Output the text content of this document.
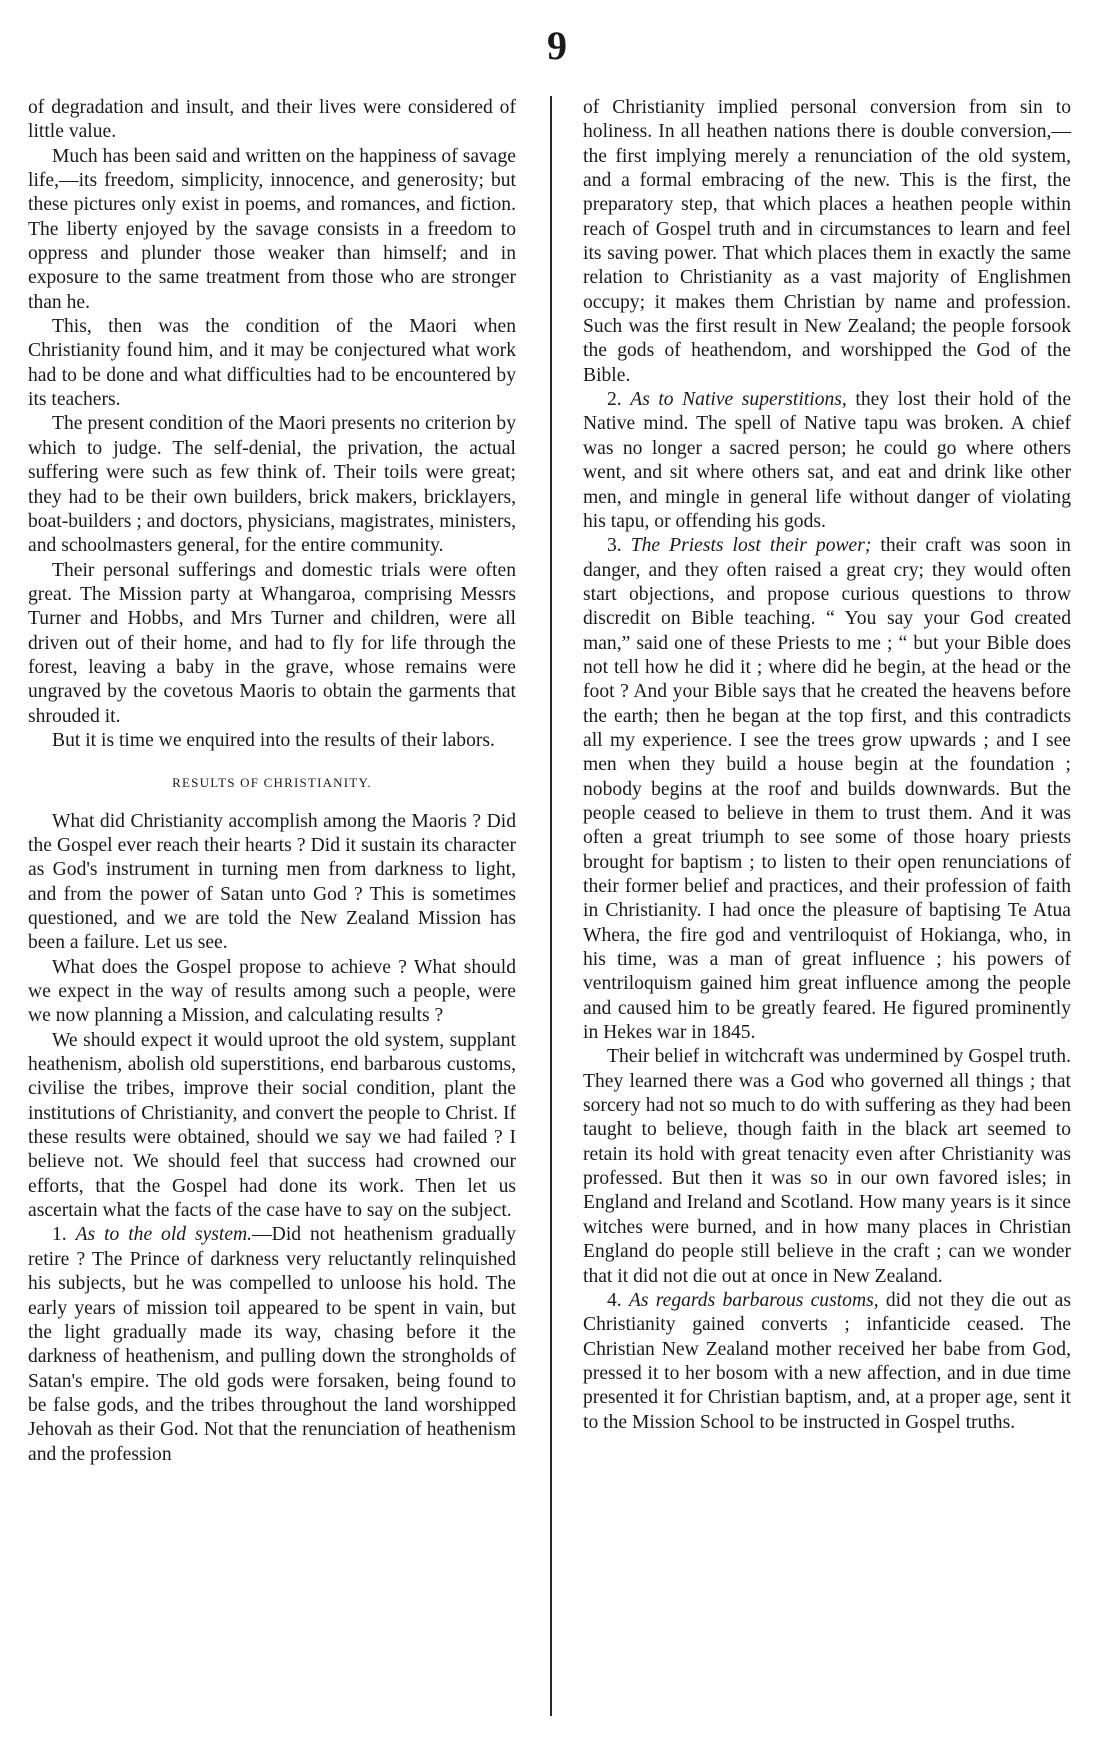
9

of degradation and insult, and their lives were considered of little value.

Much has been said and written on the happiness of savage life,—its freedom, simplicity, innocence, and generosity; but these pictures only exist in poems, and romances, and fiction. The liberty enjoyed by the savage consists in a freedom to oppress and plunder those weaker than himself; and in exposure to the same treatment from those who are stronger than he.

This, then was the condition of the Maori when Christianity found him, and it may be conjectured what work had to be done and what difficulties had to be encountered by its teachers.

The present condition of the Maori presents no criterion by which to judge. The self-denial, the privation, the actual suffering were such as few think of. Their toils were great; they had to be their own builders, brick makers, bricklayers, boat-builders ; and doctors, physicians, magistrates, ministers, and schoolmasters general, for the entire community.

Their personal sufferings and domestic trials were often great. The Mission party at Whangaroa, comprising Messrs Turner and Hobbs, and Mrs Turner and children, were all driven out of their home, and had to fly for life through the forest, leaving a baby in the grave, whose remains were ungraved by the covetous Maoris to obtain the garments that shrouded it.

But it is time we enquired into the results of their labors.

RESULTS OF CHRISTIANITY.

What did Christianity accomplish among the Maoris ? Did the Gospel ever reach their hearts ? Did it sustain its character as God's instrument in turning men from darkness to light, and from the power of Satan unto God ? This is sometimes questioned, and we are told the New Zealand Mission has been a failure. Let us see.

What does the Gospel propose to achieve ? What should we expect in the way of results among such a people, were we now planning a Mission, and calculating results ?

We should expect it would uproot the old system, supplant heathenism, abolish old superstitions, end barbarous customs, civilise the tribes, improve their social condition, plant the institutions of Christianity, and convert the people to Christ. If these results were obtained, should we say we had failed ? I believe not. We should feel that success had crowned our efforts, that the Gospel had done its work. Then let us ascertain what the facts of the case have to say on the subject.

1. As to the old system.—Did not heathenism gradually retire ? The Prince of darkness very reluctantly relinquished his subjects, but he was compelled to unloose his hold. The early years of mission toil appeared to be spent in vain, but the light gradually made its way, chasing before it the darkness of heathenism, and pulling down the strongholds of Satan's empire. The old gods were forsaken, being found to be false gods, and the tribes throughout the land worshipped Jehovah as their God. Not that the renunciation of heathenism and the profession

of Christianity implied personal conversion from sin to holiness. In all heathen nations there is double conversion,—the first implying merely a renunciation of the old system, and a formal embracing of the new. This is the first, the preparatory step, that which places a heathen people within reach of Gospel truth and in circumstances to learn and feel its saving power. That which places them in exactly the same relation to Christianity as a vast majority of Englishmen occupy; it makes them Christian by name and profession. Such was the first result in New Zealand; the people forsook the gods of heathendom, and worshipped the God of the Bible.

2. As to Native superstitions, they lost their hold of the Native mind. The spell of Native tapu was broken. A chief was no longer a sacred person; he could go where others went, and sit where others sat, and eat and drink like other men, and mingle in general life without danger of violating his tapu, or offending his gods.

3. The Priests lost their power; their craft was soon in danger, and they often raised a great cry; they would often start objections, and propose curious questions to throw discredit on Bible teaching. “ You say your God created man,” said one of these Priests to me ; “ but your Bible does not tell how he did it ; where did he begin, at the head or the foot ? And your Bible says that he created the heavens before the earth; then he began at the top first, and this contradicts all my experience. I see the trees grow upwards ; and I see men when they build a house begin at the foundation ; nobody begins at the roof and builds downwards. But the people ceased to believe in them to trust them. And it was often a great triumph to see some of those hoary priests brought for baptism ; to listen to their open renunciations of their former belief and practices, and their profession of faith in Christianity. I had once the pleasure of baptising Te Atua Whera, the fire god and ventriloquist of Hokianga, who, in his time, was a man of great influence ; his powers of ventriloquism gained him great influence among the people and caused him to be greatly feared. He figured prominently in Hekes war in 1845.

Their belief in witchcraft was undermined by Gospel truth. They learned there was a God who governed all things ; that sorcery had not so much to do with suffering as they had been taught to believe, though faith in the black art seemed to retain its hold with great tenacity even after Christianity was professed. But then it was so in our own favored isles; in England and Ireland and Scotland. How many years is it since witches were burned, and in how many places in Christian England do people still believe in the craft ; can we wonder that it did not die out at once in New Zealand.

4. As regards barbarous customs, did not they die out as Christianity gained converts ; infanticide ceased. The Christian New Zealand mother received her babe from God, pressed it to her bosom with a new affection, and in due time presented it for Christian baptism, and, at a proper age, sent it to the Mission School to be instructed in Gospel truths.
